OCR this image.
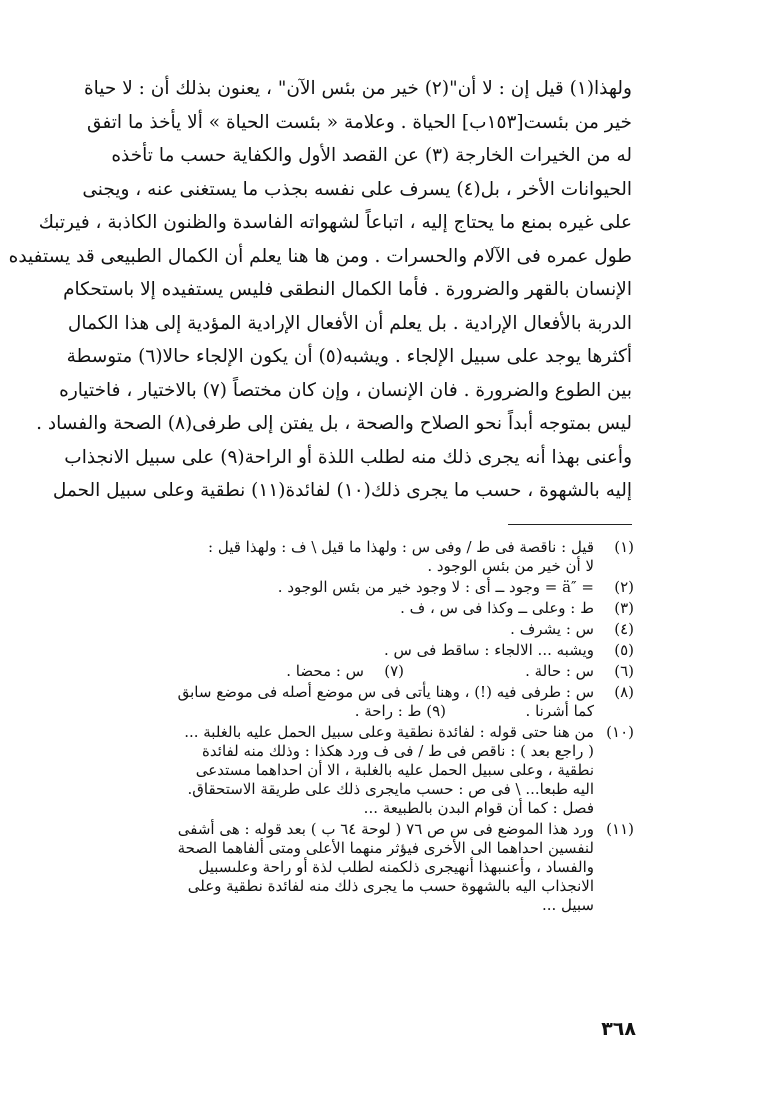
ولهذا(١) قيل إن : لا أن"(٢) خير من بئس الآن" ، يعنون بذلك أن : لا حياة
خير من بئست[١٥٣ب] الحياة . وعلامة « بئست الحياة » ألا يأخذ ما اتفق
له من الخيرات الخارجة (٣) عن القصد الأول والكفاية حسب ما تأخذه
الحيوانات الأخر ، بل(٤) يسرف على نفسه بجذب ما يستغنى عنه ، ويجنى
على غيره بمنع ما يحتاج إليه ، اتباعاً لشهواته الفاسدة والظنون الكاذبة ، فيرتبك
طول عمره فى الآلام والحسرات . ومن ها هنا يعلم أن الكمال الطبيعى قد يستفيده
الإنسان بالقهر والضرورة . فأما الكمال النطقى فليس يستفيده إلا باستحكام
الدربة بالأفعال الإرادية . بل يعلم أن الأفعال الإرادية المؤدية إلى هذا الكمال
أكثرها يوجد على سبيل الإلجاء . ويشبه(٥) أن يكون الإلجاء حالا(٦) متوسطة
بين الطوع والضرورة . فان الإنسان ، وإن كان مختصاً (٧) بالاختيار ، فاختياره
ليس بمتوجه أبداً نحو الصلاح والصحة ، بل يفتن إلى طرفى(٨) الصحة والفساد .
وأعنى بهذا أنه يجرى ذلك منه لطلب اللذة أو الراحة(٩) على سبيل الانجذاب
إليه بالشهوة ، حسب ما يجرى ذلك(١٠) لفائدة(١١) نطقية وعلى سبيل الحمل
(١)
قيل : ناقصة فى ط / وفى س : ولهذا ما قيل \ ف : ولهذا قيل :
لا أن خير من بئس الوجود .
(٢)
= ″ä = وجود ــ أى : لا وجود خير من بئس الوجود .
(٣)
ط : وعلى ــ وكذا فى س ، ف .
(٤)
س : يشرف .
(٥)
ويشبه ... الالجاء : ساقط فى س .
(٦)
س : حالة .
(٧)
س : محضا .
(٨)
س : طرفى فيه (!) ، وهنا يأتى فى س موضع أصله فى موضع سابق
كما أشرنا .  (٩) ط : راحة .
(١٠)
من هنا حتى قوله : لفائدة نطقية وعلى سبيل الحمل عليه بالغلبة ...
( راجع بعد ) : ناقص فى ط / فى ف ورد هكذا : وذلك منه لفائدة
نطقية ، وعلى سبيل الحمل عليه بالغلبة ، الا أن احداهما مستدعى
اليه طبعا... \ فى ص : حسب مايجرى ذلك على طريقة الاستحقاق.
فصل : كما أن قوام البدن بالطبيعة ...
(١١)
ورد هذا الموضع فى س ص ٧٦ ( لوحة ٦٤ ب ) بعد قوله : هى أشفى
لنفسين احداهما الى الأخرى فيؤثر منهما الأعلى ومتى ألفاهما الصحة
والفساد ، وأعنىبهذا أنهيجرى ذلكمنه لطلب لذة أو راحة وعلىسبيل
الانجذاب اليه بالشهوة حسب ما يجرى ذلك منه لفائدة نطقية وعلى
سبيل ...
٣٦٨
